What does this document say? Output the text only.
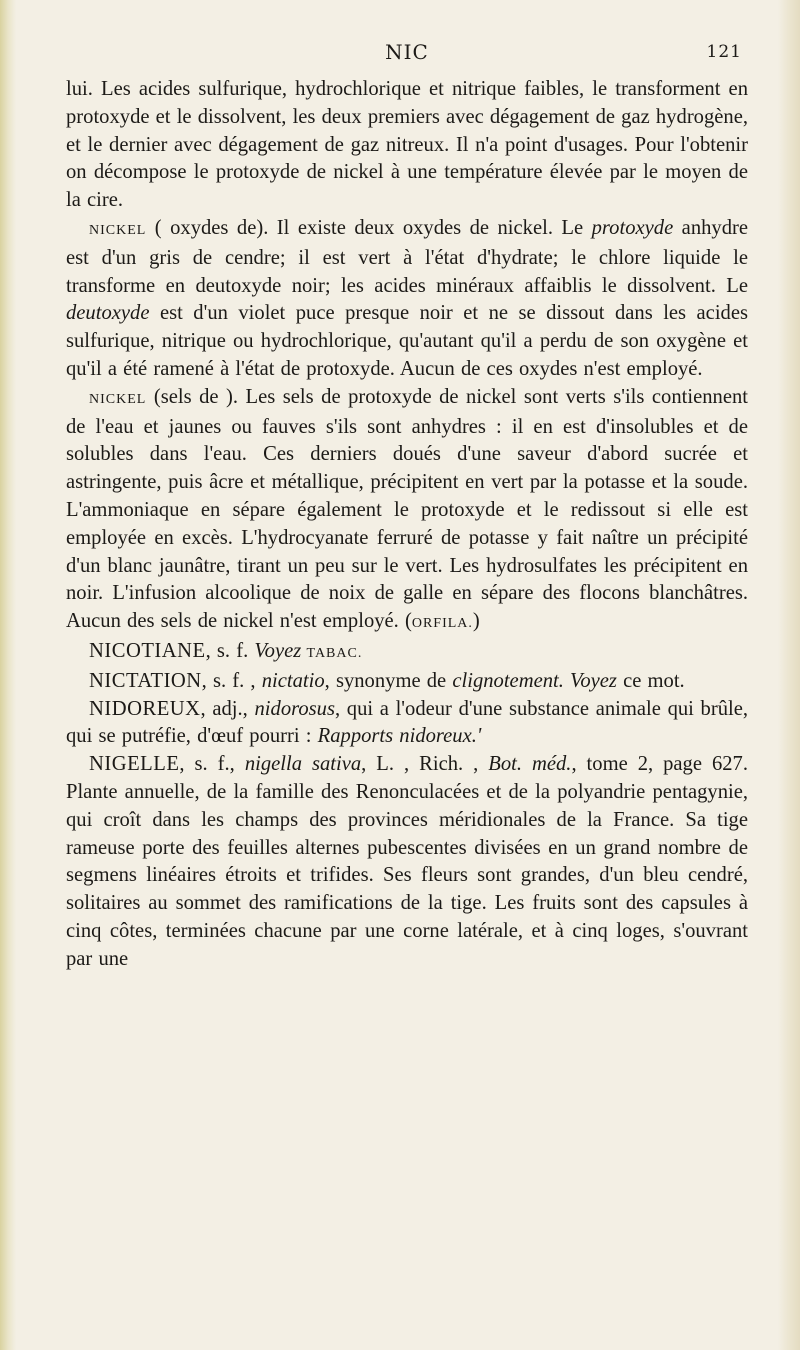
NIC	121

lui. Les acides sulfurique, hydrochlorique et nitrique faibles, le transforment en protoxyde et le dissolvent, les deux premiers avec dégagement de gaz hydrogène, et le dernier avec dégagement de gaz nitreux. Il n'a point d'usages. Pour l'obtenir on décompose le protoxyde de nickel à une température élevée par le moyen de la cire.

NICKEL ( oxydes de). Il existe deux oxydes de nickel. Le protoxyde anhydre est d'un gris de cendre; il est vert à l'état d'hydrate; le chlore liquide le transforme en deutoxyde noir; les acides minéraux affaiblis le dissolvent. Le deutoxyde est d'un violet puce presque noir et ne se dissout dans les acides sulfurique, nitrique ou hydrochlorique, qu'autant qu'il a perdu de son oxygène et qu'il a été ramené à l'état de protoxyde. Aucun de ces oxydes n'est employé.

NICKEL (sels de ). Les sels de protoxyde de nickel sont verts s'ils contiennent de l'eau et jaunes ou fauves s'ils sont anhydres : il en est d'insolubles et de solubles dans l'eau. Ces derniers doués d'une saveur d'abord sucrée et astringente, puis âcre et métallique, précipitent en vert par la potasse et la soude. L'ammoniaque en sépare également le protoxyde et le redissout si elle est employée en excès. L'hydrocyanate ferruré de potasse y fait naître un précipité d'un blanc jaunâtre, tirant un peu sur le vert. Les hydrosulfates les précipitent en noir. L'infusion alcoolique de noix de galle en sépare des flocons blanchâtres. Aucun des sels de nickel n'est employé. (ORFILA.)

NICOTIANE, s. f. Voyez TABAC.

NICTATION, s. f. , nictatio, synonyme de clignotement. Voyez ce mot.

NIDOREUX, adj., nidorosus, qui a l'odeur d'une substance animale qui brûle, qui se putréfie, d'œuf pourri : Rapports nidoreux.'

NIGELLE, s. f., nigella sativa, L. , Rich. , Bot. méd., tome 2, page 627. Plante annuelle, de la famille des Renonculacées et de la polyandrie pentagynie, qui croît dans les champs des provinces méridionales de la France. Sa tige rameuse porte des feuilles alternes pubescentes divisées en un grand nombre de segmens linéaires étroits et trifides. Ses fleurs sont grandes, d'un bleu cendré, solitaires au sommet des ramifications de la tige. Les fruits sont des capsules à cinq côtes, terminées chacune par une corne latérale, et à cinq loges, s'ouvrant par une
